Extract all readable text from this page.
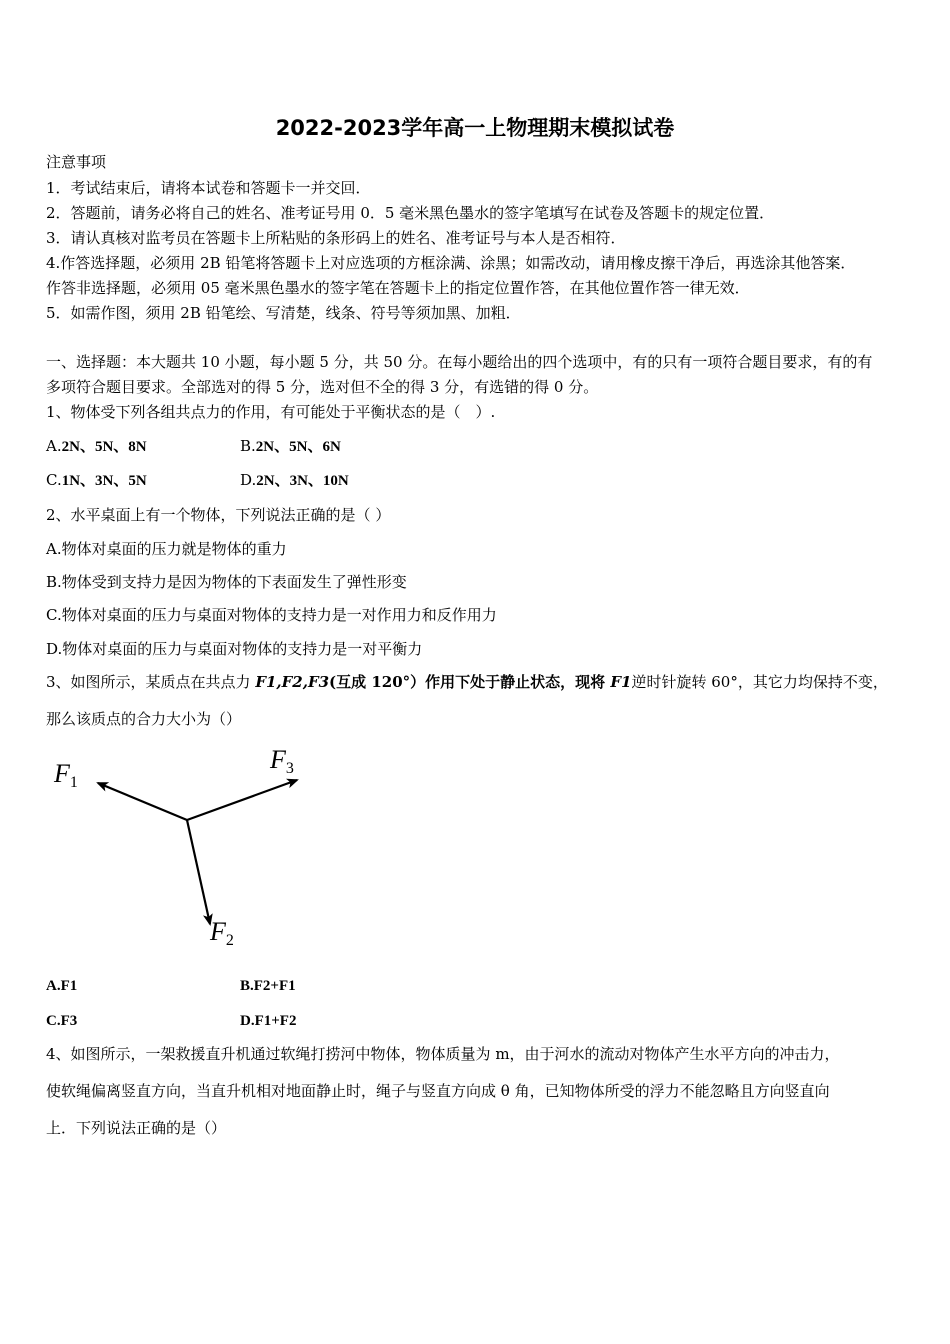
2022-2023学年高一上物理期末模拟试卷
注意事项
1．考试结束后，请将本试卷和答题卡一并交回．
2．答题前，请务必将自己的姓名、准考证号用 0．5 毫米黑色墨水的签字笔填写在试卷及答题卡的规定位置．
3．请认真核对监考员在答题卡上所粘贴的条形码上的姓名、准考证号与本人是否相符．
4.作答选择题，必须用 2B 铅笔将答题卡上对应选项的方框涂满、涂黑；如需改动，请用橡皮擦干净后，再选涂其他答案．
作答非选择题，必须用 05 毫米黑色墨水的签字笔在答题卡上的指定位置作答，在其他位置作答一律无效．
5．如需作图，须用 2B 铅笔绘、写清楚，线条、符号等须加黑、加粗．
一、选择题：本大题共 10 小题，每小题 5 分，共 50 分。在每小题给出的四个选项中，有的只有一项符合题目要求，有的有
多项符合题目要求。全部选对的得 5 分，选对但不全的得 3 分，有选错的得 0 分。
1、物体受下列各组共点力的作用，有可能处于平衡状态的是（　）.
A.2N、5N、8N	B.2N、5N、6N
C.1N、3N、5N	D.2N、3N、10N
2、水平桌面上有一个物体，下列说法正确的是（ ）
A.物体对桌面的压力就是物体的重力
B.物体受到支持力是因为物体的下表面发生了弹性形变
C.物体对桌面的压力与桌面对物体的支持力是一对作用力和反作用力
D.物体对桌面的压力与桌面对物体的支持力是一对平衡力
3、如图所示，某质点在共点力 F1,F2,F3(互成 120°）作用下处于静止状态，现将 F1逆时针旋转 60°，其它力均保持不变，
那么该质点的合力大小为（）
F1
F3
F2
A.F1	B.F2+F1
C.F3	D.F1+F2
4、如图所示，一架救援直升机通过软绳打捞河中物体，物体质量为 m，由于河水的流动对物体产生水平方向的冲击力，
使软绳偏离竖直方向，当直升机相对地面静止时，绳子与竖直方向成 θ 角，已知物体所受的浮力不能忽略且方向竖直向
上．下列说法正确的是（）
